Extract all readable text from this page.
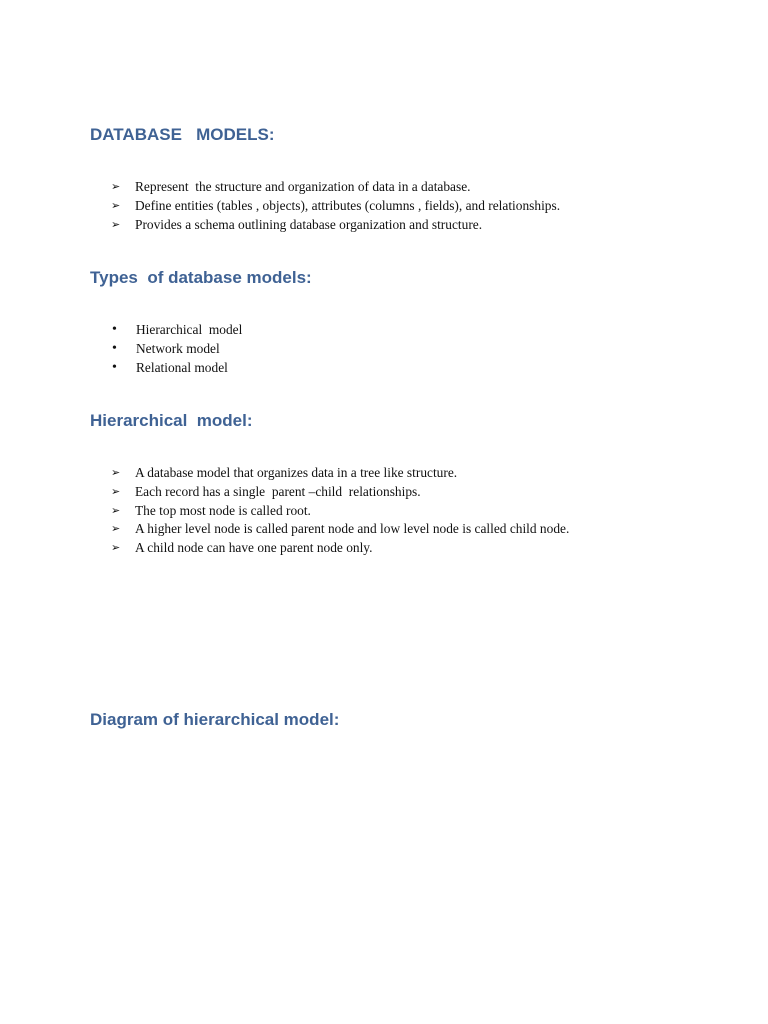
DATABASE   MODELS:
➢ Represent  the structure and organization of data in a database.
➢ Define entities (tables , objects), attributes (columns , fields), and relationships.
➢ Provides a schema outlining database organization and structure.
Types  of database models:
• Hierarchical  model
• Network model
• Relational model
Hierarchical  model:
➢ A database model that organizes data in a tree like structure.
➢ Each record has a single  parent –child  relationships.
➢ The top most node is called root.
➢ A higher level node is called parent node and low level node is called child node.
➢ A child node can have one parent node only.
Diagram of hierarchical model:
